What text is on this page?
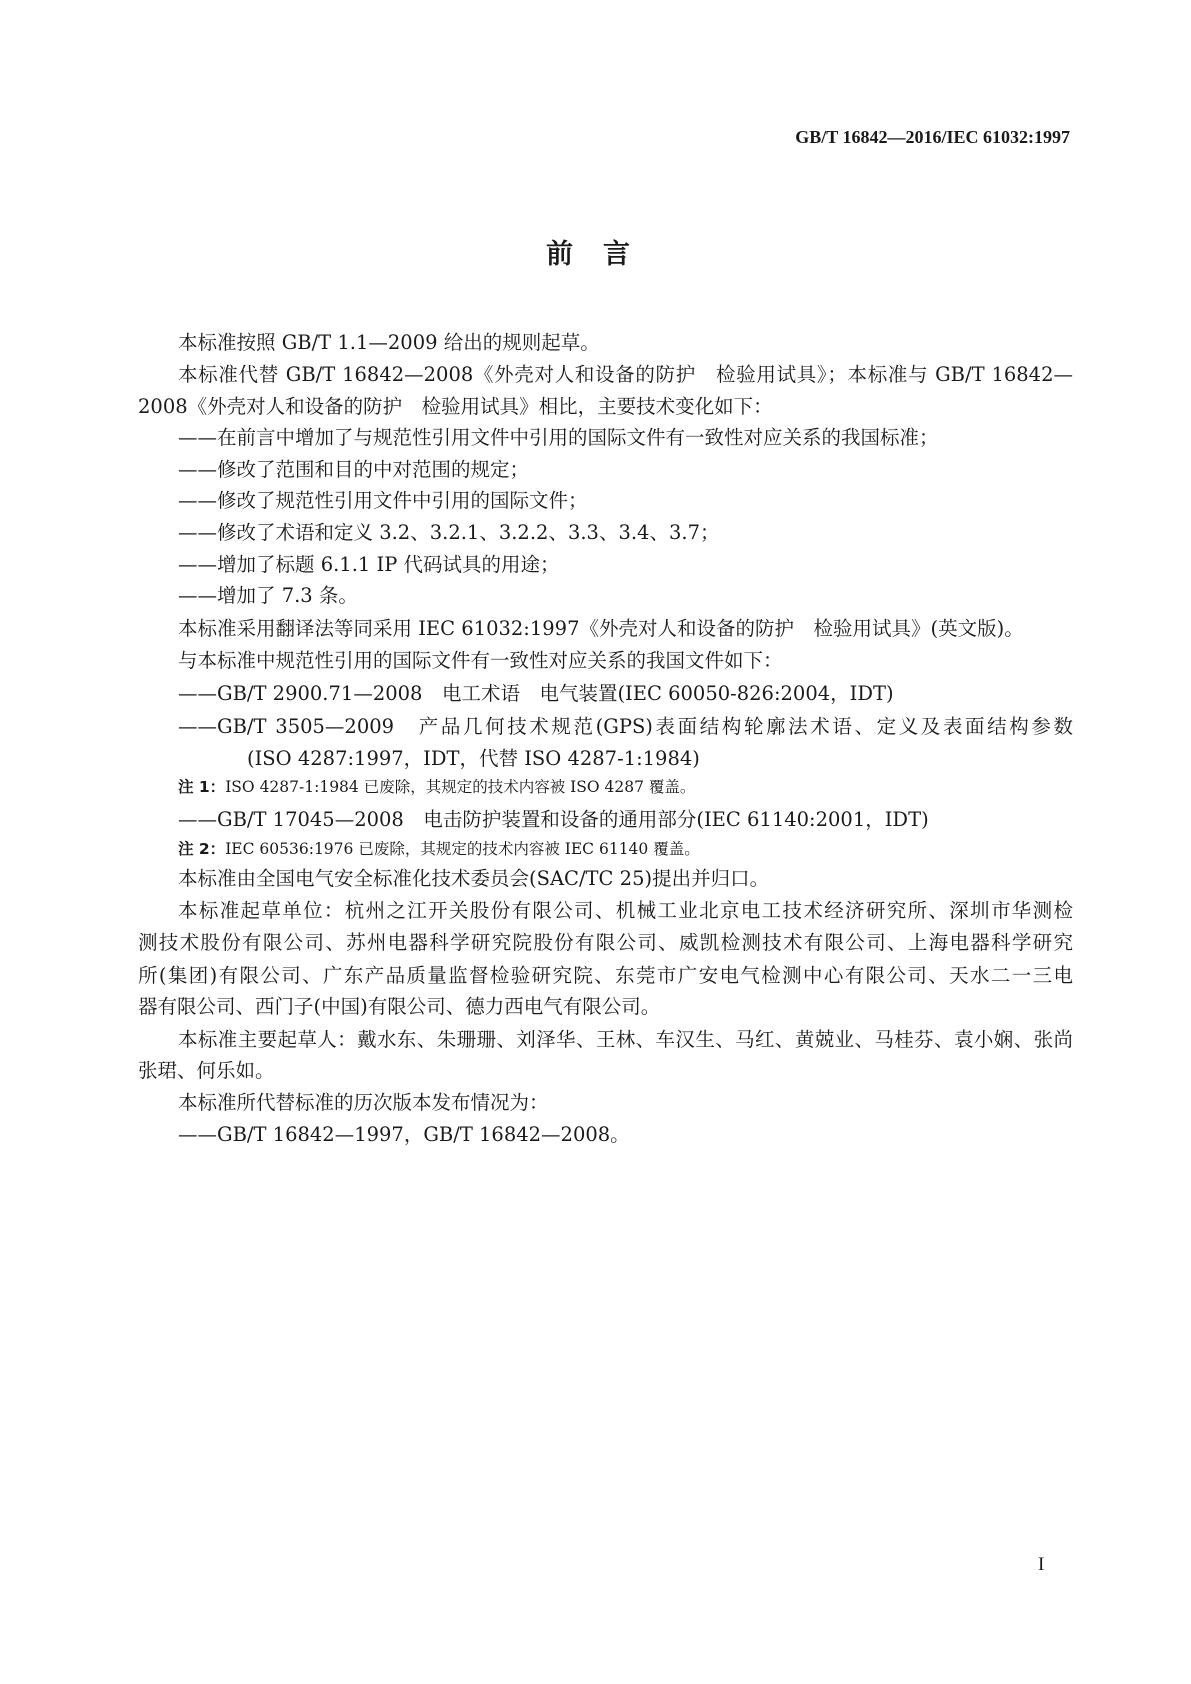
GB/T 16842—2016/IEC 61032:1997
前言
本标准按照 GB/T 1.1—2009 给出的规则起草。
本标准代替 GB/T 16842—2008《外壳对人和设备的防护　检验用试具》；本标准与 GB/T 16842—
2008《外壳对人和设备的防护　检验用试具》相比，主要技术变化如下：
——在前言中增加了与规范性引用文件中引用的国际文件有一致性对应关系的我国标准；
——修改了范围和目的中对范围的规定；
——修改了规范性引用文件中引用的国际文件；
——修改了术语和定义 3.2、3.2.1、3.2.2、3.3、3.4、3.7；
——增加了标题 6.1.1 IP 代码试具的用途；
——增加了 7.3 条。
本标准采用翻译法等同采用 IEC 61032:1997《外壳对人和设备的防护　检验用试具》(英文版)。
与本标准中规范性引用的国际文件有一致性对应关系的我国文件如下：
——GB/T 2900.71—2008　电工术语　电气装置(IEC 60050-826:2004，IDT)
——GB/T 3505—2009　产品几何技术规范(GPS)表面结构轮廓法术语、定义及表面结构参数
(ISO 4287:1997，IDT，代替 ISO 4287-1:1984)
注 1：ISO 4287-1:1984 已废除，其规定的技术内容被 ISO 4287 覆盖。
——GB/T 17045—2008　电击防护装置和设备的通用部分(IEC 61140:2001，IDT)
注 2：IEC 60536:1976 已废除，其规定的技术内容被 IEC 61140 覆盖。
本标准由全国电气安全标准化技术委员会(SAC/TC 25)提出并归口。
本标准起草单位：杭州之江开关股份有限公司、机械工业北京电工技术经济研究所、深圳市华测检
测技术股份有限公司、苏州电器科学研究院股份有限公司、威凯检测技术有限公司、上海电器科学研究
所(集团)有限公司、广东产品质量监督检验研究院、东莞市广安电气检测中心有限公司、天水二一三电
器有限公司、西门子(中国)有限公司、德力西电气有限公司。
本标准主要起草人：戴水东、朱珊珊、刘泽华、王林、车汉生、马红、黄兢业、马桂芬、袁小娴、张尚
张珺、何乐如。
本标准所代替标准的历次版本发布情况为：
——GB/T 16842—1997，GB/T 16842—2008。
I
